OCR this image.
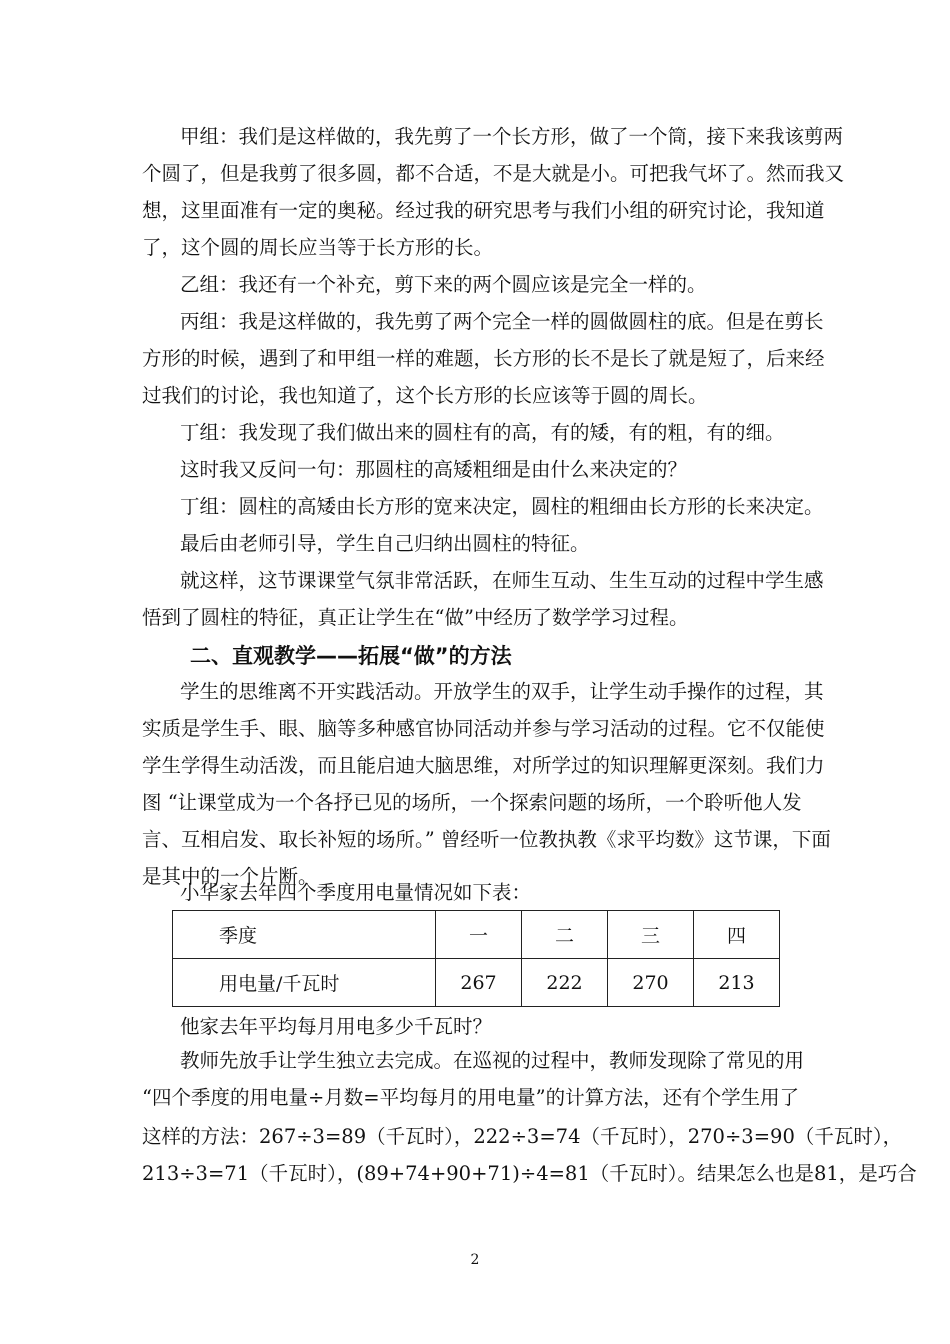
甲组：我们是这样做的，我先剪了一个长方形，做了一个筒，接下来我该剪两
个圆了，但是我剪了很多圆，都不合适，不是大就是小。可把我气坏了。然而我又
想，这里面准有一定的奥秘。经过我的研究思考与我们小组的研究讨论，我知道
了，这个圆的周长应当等于长方形的长。
乙组：我还有一个补充，剪下来的两个圆应该是完全一样的。
丙组：我是这样做的，我先剪了两个完全一样的圆做圆柱的底。但是在剪长
方形的时候，遇到了和甲组一样的难题，长方形的长不是长了就是短了，后来经
过我们的讨论，我也知道了，这个长方形的长应该等于圆的周长。
丁组：我发现了我们做出来的圆柱有的高，有的矮，有的粗，有的细。
这时我又反问一句：那圆柱的高矮粗细是由什么来决定的？
丁组：圆柱的高矮由长方形的宽来决定，圆柱的粗细由长方形的长来决定。
最后由老师引导，学生自己归纳出圆柱的特征。
就这样，这节课课堂气氛非常活跃，在师生互动、生生互动的过程中学生感
悟到了圆柱的特征，真正让学生在“做”中经历了数学学习过程。
二、直观教学——拓展“做”的方法
学生的思维离不开实践活动。开放学生的双手，让学生动手操作的过程，其
实质是学生手、眼、脑等多种感官协同活动并参与学习活动的过程。它不仅能使
学生学得生动活泼，而且能启迪大脑思维，对所学过的知识理解更深刻。我们力
图 “让课堂成为一个各抒已见的场所，一个探索问题的场所，一个聆听他人发
言、互相启发、取长补短的场所。” 曾经听一位教执教《求平均数》这节课，下面
是其中的一个片断。
小华家去年四个季度用电量情况如下表：
季度	一	二	三	四
用电量/千瓦时	267	222	270	213
他家去年平均每月用电多少千瓦时？
教师先放手让学生独立去完成。在巡视的过程中，教师发现除了常见的用
“四个季度的用电量÷月数=平均每月的用电量”的计算方法，还有个学生用了
这样的方法：267÷3=89（千瓦时），222÷3=74（千瓦时），270÷3=90（千瓦时），
213÷3=71（千瓦时），(89+74+90+71)÷4=81（千瓦时）。结果怎么也是81，是巧合
2
